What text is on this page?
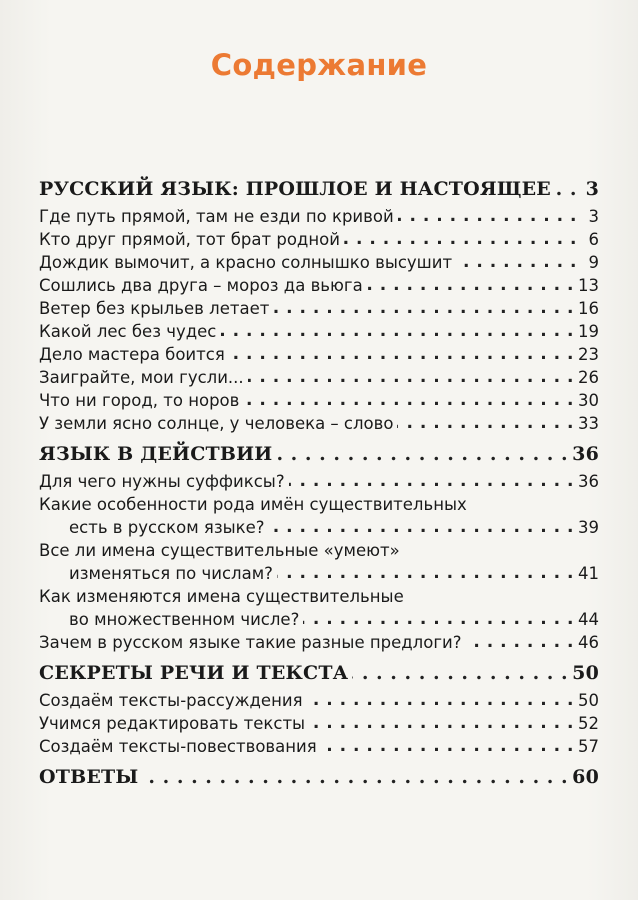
Содержание
РУССКИЙ ЯЗЫК: ПРОШЛОЕ И НАСТОЯЩЕЕ . . . 3
Где путь прямой, там не езди по кривой . . .	3
Кто друг прямой, тот брат родной . . .	6
Дождик вымочит, а красно солнышко высушит . . .	9
Сошлись два друга – мороз да вьюга . . .	13
Ветер без крыльев летает . . .	16
Какой лес без чудес . . .	19
Дело мастера боится . . .	23
Заиграйте, мои гусли... . . .	26
Что ни город, то норов . . .	30
У земли ясно солнце, у человека – слово . . .	33
ЯЗЫК В ДЕЙСТВИИ . . .	36
Для чего нужны суффиксы? . . .	36
Какие особенности рода имён существительных
есть в русском языке? . . .	39
Все ли имена существительные «умеют»
изменяться по числам? . . .	41
Как изменяются имена существительные
во множественном числе? . . .	44
Зачем в русском языке такие разные предлоги? . . .	46
СЕКРЕТЫ РЕЧИ И ТЕКСТА . . .	50
Создаём тексты-рассуждения . . .	50
Учимся редактировать тексты . . .	52
Создаём тексты-повествования . . .	57
ОТВЕТЫ . . .	60
